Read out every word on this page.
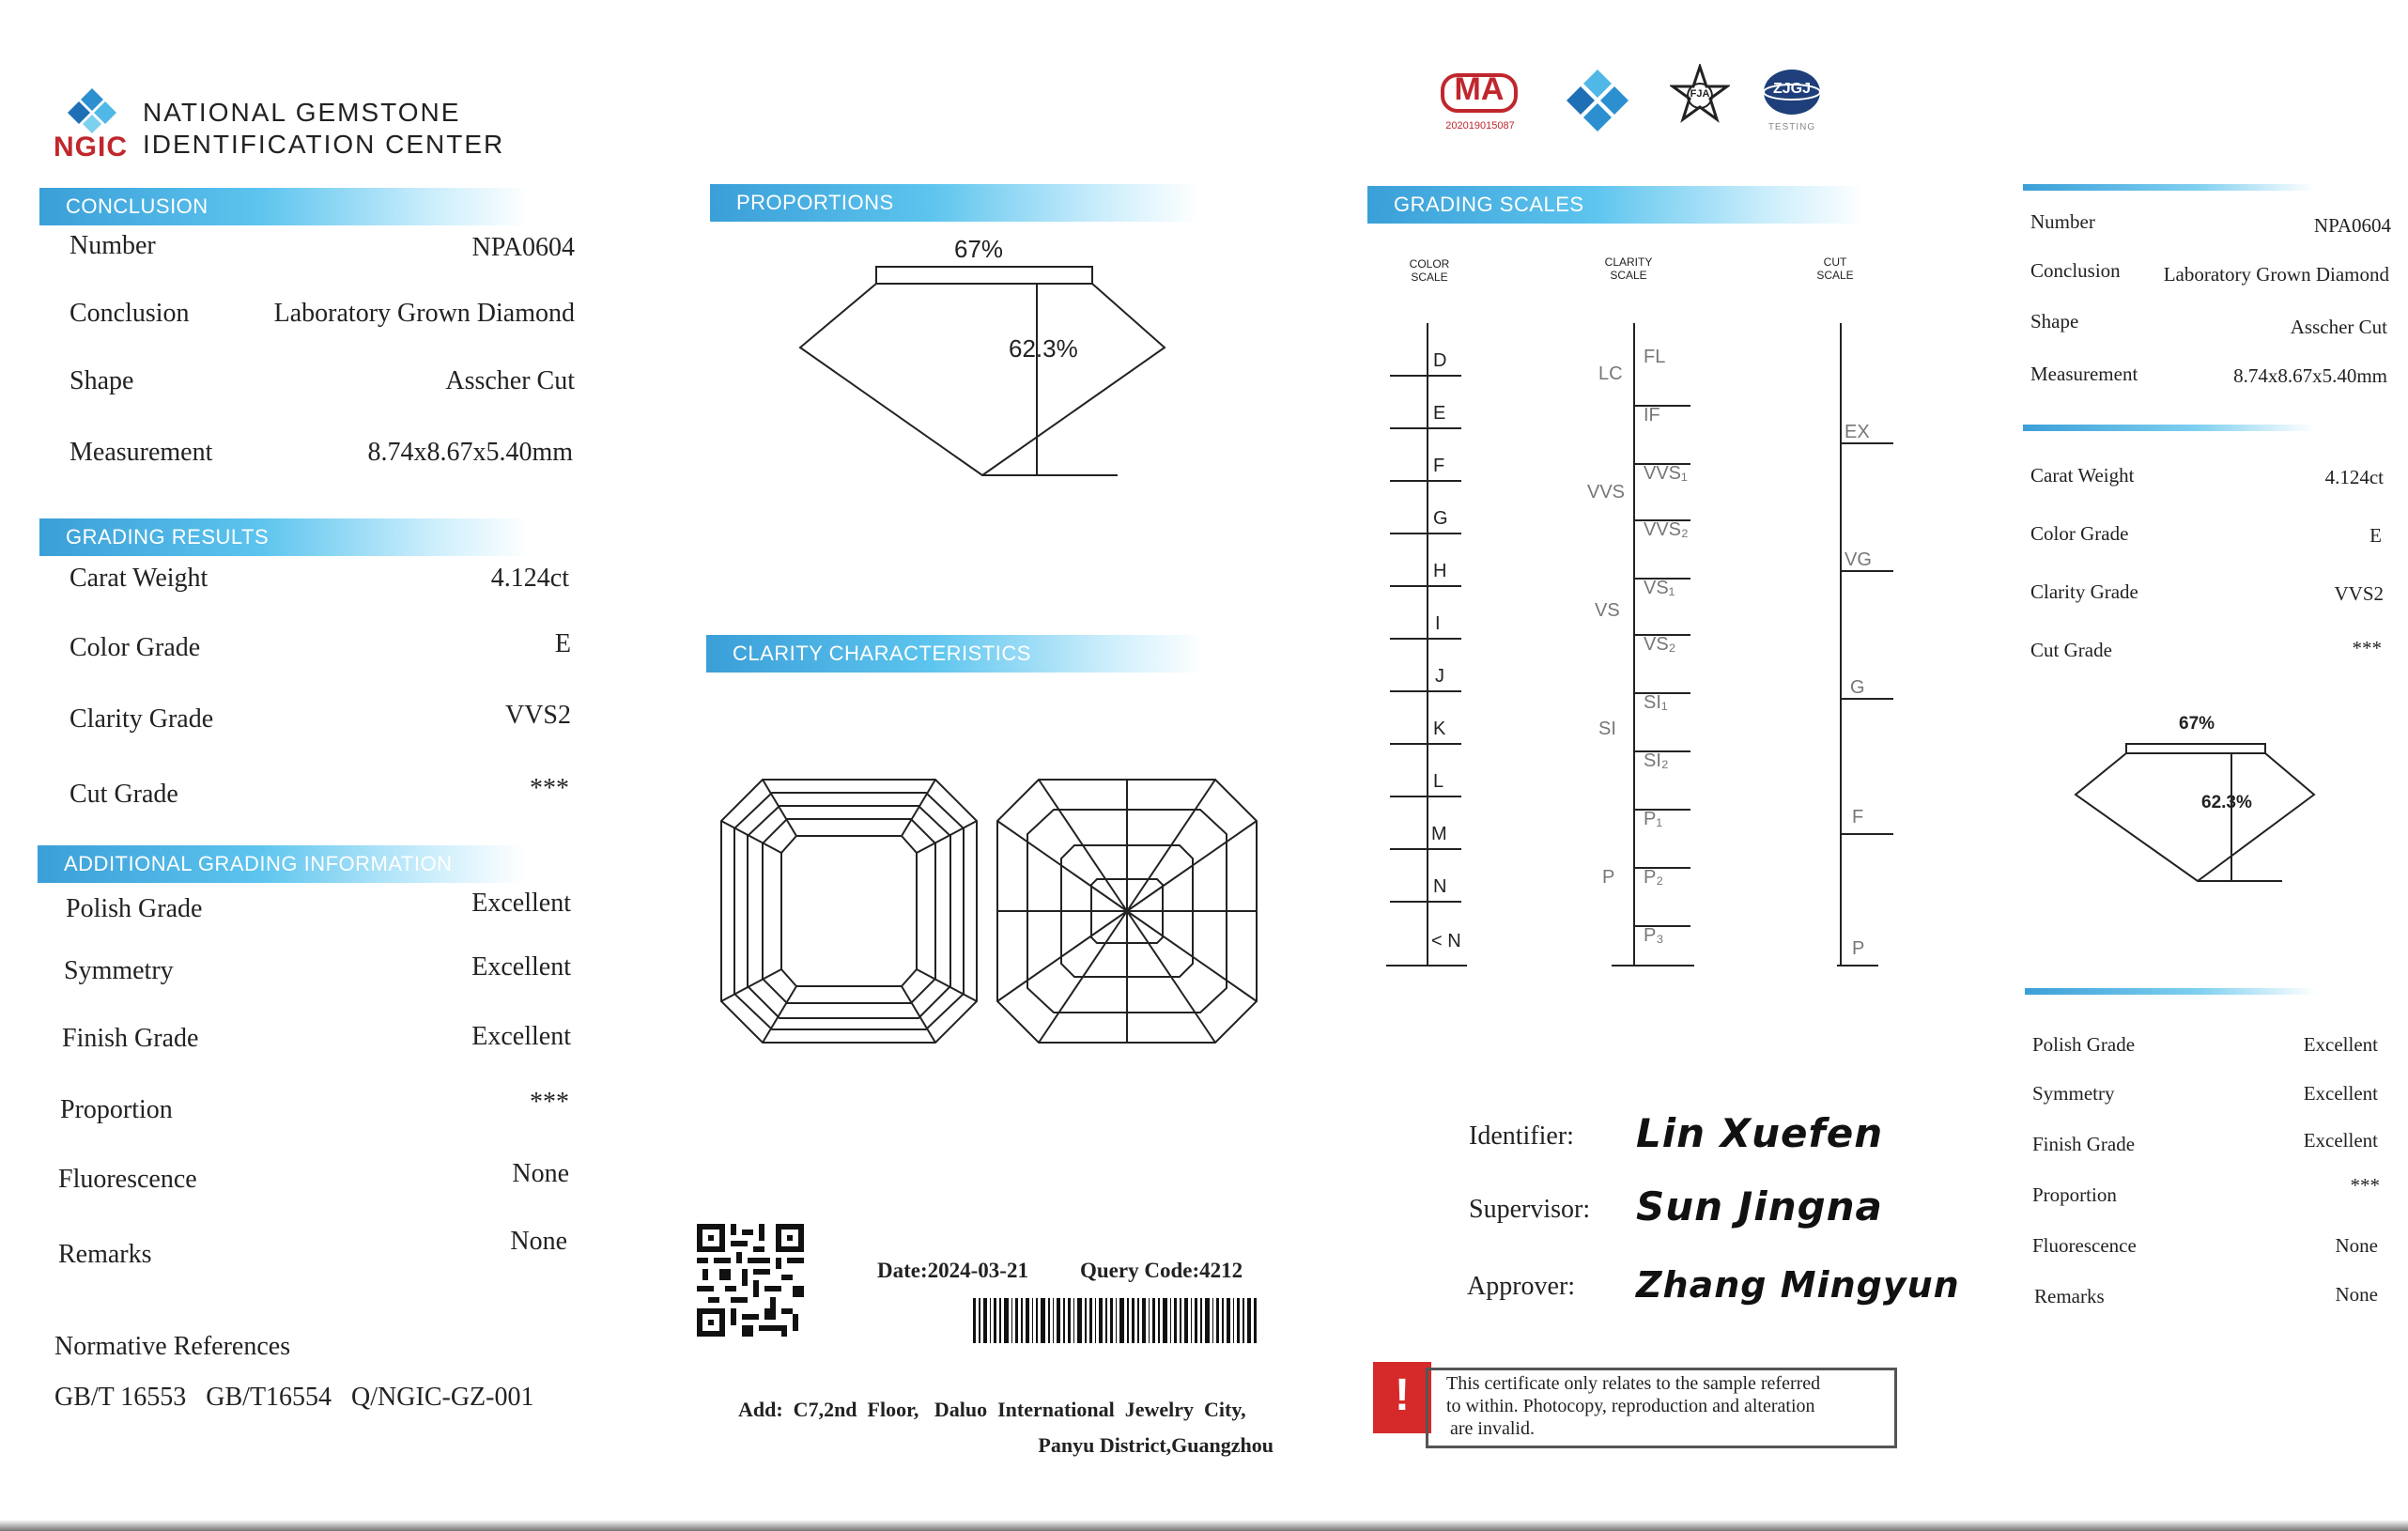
NGIC
NATIONAL GEMSTONE
IDENTIFICATION CENTER
CONCLUSION
Number	NPA0604
Conclusion	Laboratory Grown Diamond
Shape	Asscher Cut
Measurement	8.74x8.67x5.40mm
GRADING RESULTS
Carat Weight	4.124ct
Color Grade	E
Clarity Grade	VVS2
Cut Grade	***
ADDITIONAL GRADING INFORMATION
Polish Grade	Excellent
Symmetry	Excellent
Finish Grade	Excellent
Proportion	***
Fluorescence	None
Remarks	None
Normative References
GB/T 16553   GB/T16554   Q/NGIC-GZ-001
PROPORTIONS
67%
62.3%
CLARITY CHARACTERISTICS
Date:2024-03-21 Query Code:4212
Add:  C7,2nd  Floor,   Daluo  International  Jewelry  City,
Panyu District,Guangzhou
MA
202019015087
FJA	ZJGJ
TESTING
GRADING SCALES
COLOR
SCALE
CLARITY
SCALE
CUT
SCALE
D
E
F
G
H
I
J
K
L
M
N
< N
FL
IF
VVS₁
VVS₂
VS₁
VS₂
SI₁
SI₂
P₁
P₂
P₃
LC
VVS
VS
SI
P
EX
VG
G
F
P
Identifier: Lin Xuefen
Supervisor: Sun Jingna
Approver: Zhang Mingyun
!	This certificate only relates to the sample referred
to within. Photocopy, reproduction and alteration
are invalid.
Number	NPA0604
Conclusion Laboratory Grown Diamond
Shape	Asscher Cut
Measurement	8.74x8.67x5.40mm
Carat Weight	4.124ct
Color Grade	E
Clarity Grade	VVS2
Cut Grade	***
67%
62.3%
Polish Grade	Excellent
Symmetry	Excellent
Finish Grade	Excellent
Proportion	***
Fluorescence	None
Remarks	None
